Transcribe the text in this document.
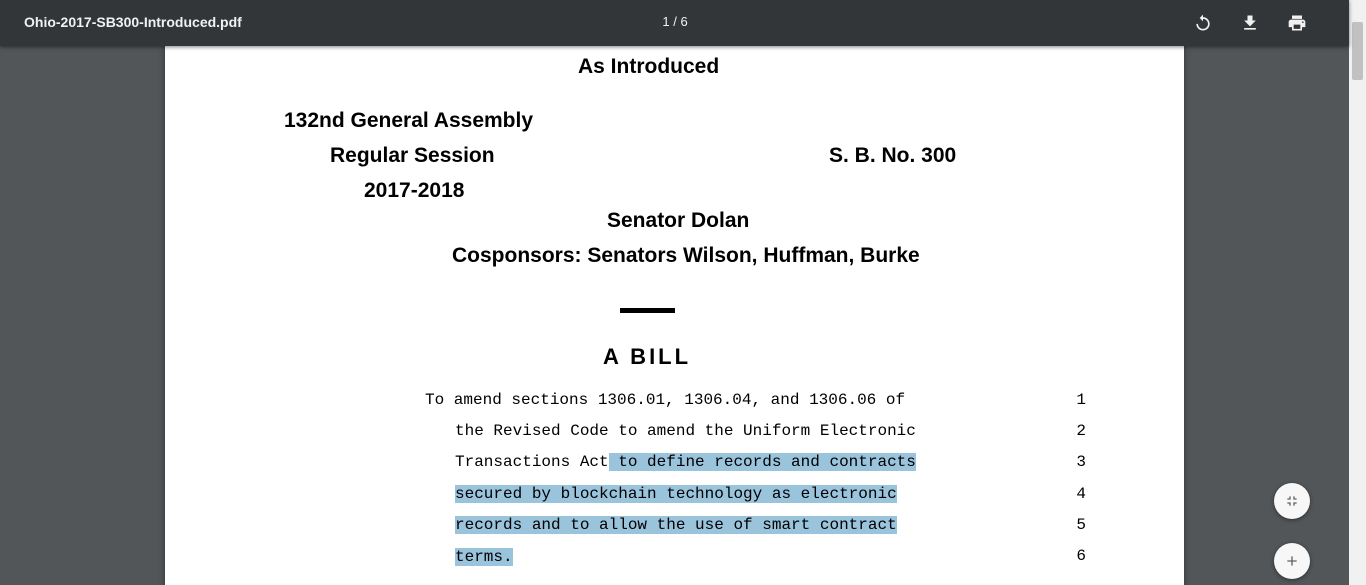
Ohio-2017-SB300-Introduced.pdf	1 / 6
As Introduced
132nd General Assembly
Regular Session	S. B. No. 300
2017-2018
Senator Dolan
Cosponsors: Senators Wilson, Huffman, Burke
A BILL
To amend sections 1306.01, 1306.04, and 1306.06 of	1
the Revised Code to amend the Uniform Electronic	2
Transactions Act to define records and contracts	3
secured by blockchain technology as electronic	4
records and to allow the use of smart contract	5
terms.	6
